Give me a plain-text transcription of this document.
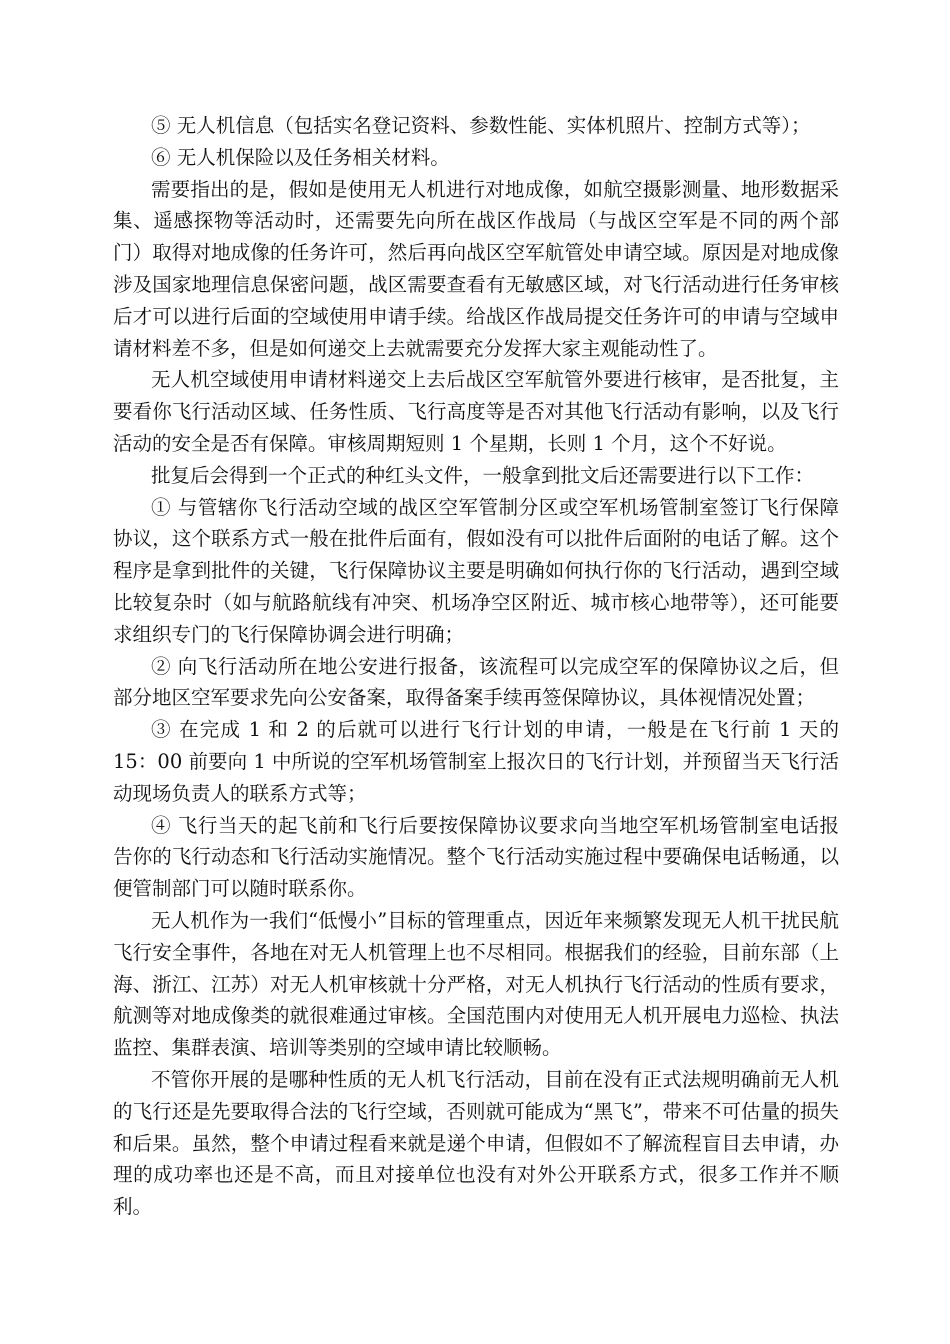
⑤ 无人机信息（包括实名登记资料、参数性能、实体机照片、控制方式等）；

⑥ 无人机保险以及任务相关材料。

需要指出的是，假如是使用无人机进行对地成像，如航空摄影测量、地形数据采集、遥感探物等活动时，还需要先向所在战区作战局（与战区空军是不同的两个部门）取得对地成像的任务许可，然后再向战区空军航管处申请空域。原因是对地成像涉及国家地理信息保密问题，战区需要查看有无敏感区域，对飞行活动进行任务审核后才可以进行后面的空域使用申请手续。给战区作战局提交任务许可的申请与空域申请材料差不多，但是如何递交上去就需要充分发挥大家主观能动性了。

无人机空域使用申请材料递交上去后战区空军航管外要进行核审，是否批复，主要看你飞行活动区域、任务性质、飞行高度等是否对其他飞行活动有影响，以及飞行活动的安全是否有保障。审核周期短则 1 个星期，长则 1 个月，这个不好说。

批复后会得到一个正式的种红头文件，一般拿到批文后还需要进行以下工作：

① 与管辖你飞行活动空域的战区空军管制分区或空军机场管制室签订飞行保障协议，这个联系方式一般在批件后面有，假如没有可以批件后面附的电话了解。这个程序是拿到批件的关键，飞行保障协议主要是明确如何执行你的飞行活动，遇到空域比较复杂时（如与航路航线有冲突、机场净空区附近、城市核心地带等），还可能要求组织专门的飞行保障协调会进行明确；

② 向飞行活动所在地公安进行报备，该流程可以完成空军的保障协议之后，但部分地区空军要求先向公安备案，取得备案手续再签保障协议，具体视情况处置；

③ 在完成 1 和 2 的后就可以进行飞行计划的申请，一般是在飞行前 1 天的 15：00 前要向 1 中所说的空军机场管制室上报次日的飞行计划，并预留当天飞行活动现场负责人的联系方式等；

④ 飞行当天的起飞前和飞行后要按保障协议要求向当地空军机场管制室电话报告你的飞行动态和飞行活动实施情况。整个飞行活动实施过程中要确保电话畅通，以便管制部门可以随时联系你。

无人机作为一我们“低慢小”目标的管理重点，因近年来频繁发现无人机干扰民航飞行安全事件，各地在对无人机管理上也不尽相同。根据我们的经验，目前东部（上海、浙江、江苏）对无人机审核就十分严格，对无人机执行飞行活动的性质有要求，航测等对地成像类的就很难通过审核。全国范围内对使用无人机开展电力巡检、执法监控、集群表演、培训等类别的空域申请比较顺畅。

不管你开展的是哪种性质的无人机飞行活动，目前在没有正式法规明确前无人机的飞行还是先要取得合法的飞行空域，否则就可能成为“黑飞”，带来不可估量的损失和后果。虽然，整个申请过程看来就是递个申请，但假如不了解流程盲目去申请，办理的成功率也还是不高，而且对接单位也没有对外公开联系方式，很多工作并不顺利。
